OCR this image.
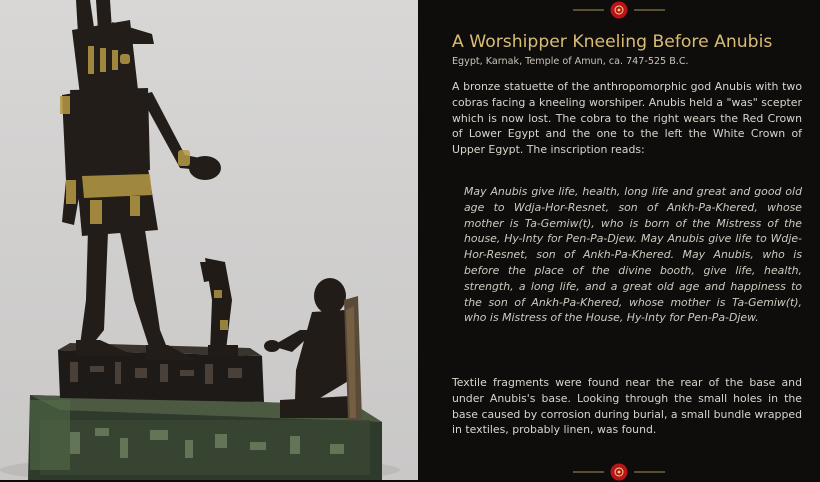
A Worshipper Kneeling Before Anubis

Egypt, Karnak, Temple of Amun, ca. 747-525 B.C.

A bronze statuette of the anthropomorphic god Anubis with two cobras facing a kneeling worshiper. Anubis held a "was" scepter which is now lost. The cobra to the right wears the Red Crown of Lower Egypt and the one to the left the White Crown of Upper Egypt. The inscription reads:

May Anubis give life, health, long life and great and good old age to Wdja-Hor-Resnet, son of Ankh-Pa-Khered, whose mother is Ta-Gemiw(t), who is born of the Mistress of the house, Hy-Inty for Pen-Pa-Djew. May Anubis give life to Wdje-Hor-Resnet, son of Ankh-Pa-Khered. May Anubis, who is before the place of the divine booth, give life, health, strength, a long life, and a great old age and happiness to the son of Ankh-Pa-Khered, whose mother is Ta-Gemiw(t), who is Mistress of the House, Hy-Inty for Pen-Pa-Djew.

Textile fragments were found near the rear of the base and under Anubis's base. Looking through the small holes in the base caused by corrosion during burial, a small bundle wrapped in textiles, probably linen, was found.
